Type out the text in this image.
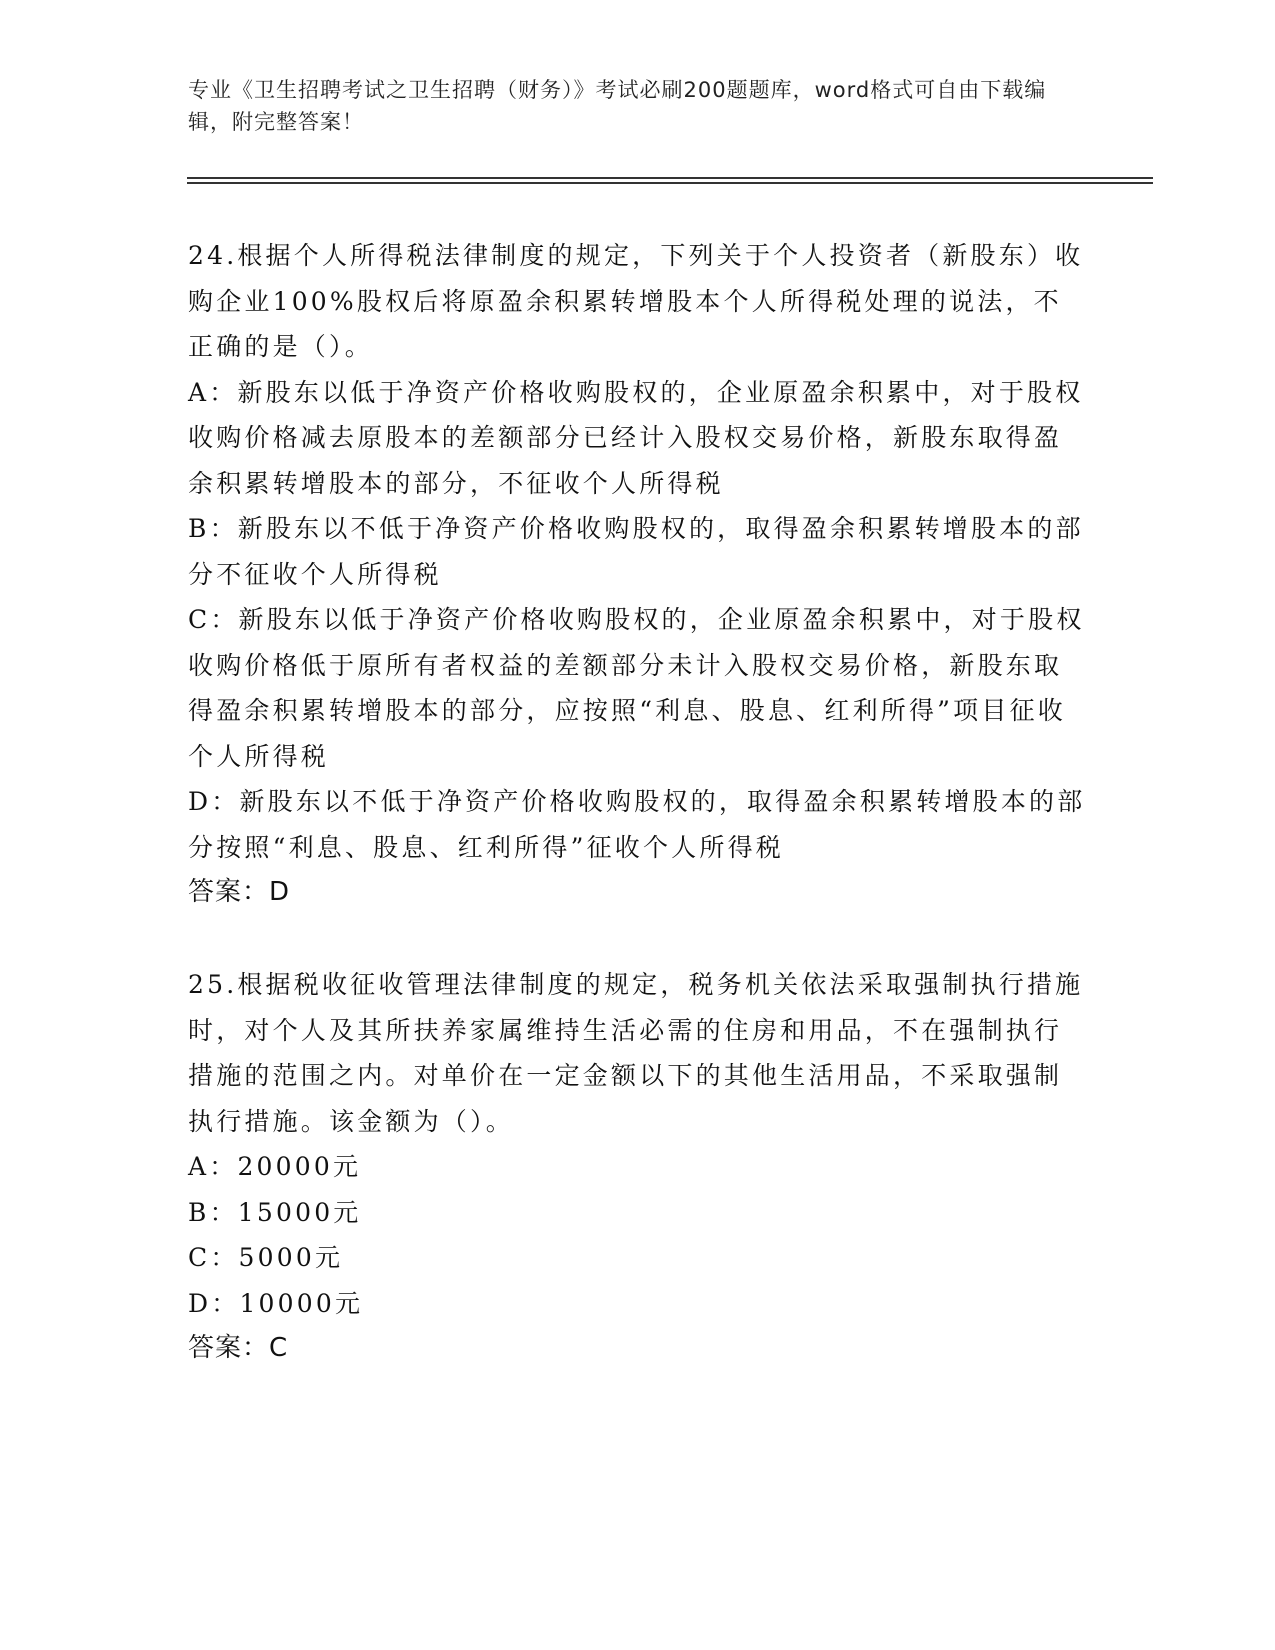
专业《卫生招聘考试之卫生招聘（财务）》考试必刷200题题库，word格式可自由下载编辑，附完整答案！

24.根据个人所得税法律制度的规定，下列关于个人投资者（新股东）收购企业100%股权后将原盈余积累转增股本个人所得税处理的说法，不正确的是（）。

A：新股东以低于净资产价格收购股权的，企业原盈余积累中，对于股权收购价格减去原股本的差额部分已经计入股权交易价格，新股东取得盈余积累转增股本的部分，不征收个人所得税

B：新股东以不低于净资产价格收购股权的，取得盈余积累转增股本的部分不征收个人所得税

C：新股东以低于净资产价格收购股权的，企业原盈余积累中，对于股权收购价格低于原所有者权益的差额部分未计入股权交易价格，新股东取得盈余积累转增股本的部分，应按照“利息、股息、红利所得”项目征收个人所得税

D：新股东以不低于净资产价格收购股权的，取得盈余积累转增股本的部分按照“利息、股息、红利所得”征收个人所得税

答案：D

25.根据税收征收管理法律制度的规定，税务机关依法采取强制执行措施时，对个人及其所扶养家属维持生活必需的住房和用品，不在强制执行措施的范围之内。对单价在一定金额以下的其他生活用品，不采取强制执行措施。该金额为（）。

A：20000元

B：15000元

C：5000元

D：10000元

答案：C
